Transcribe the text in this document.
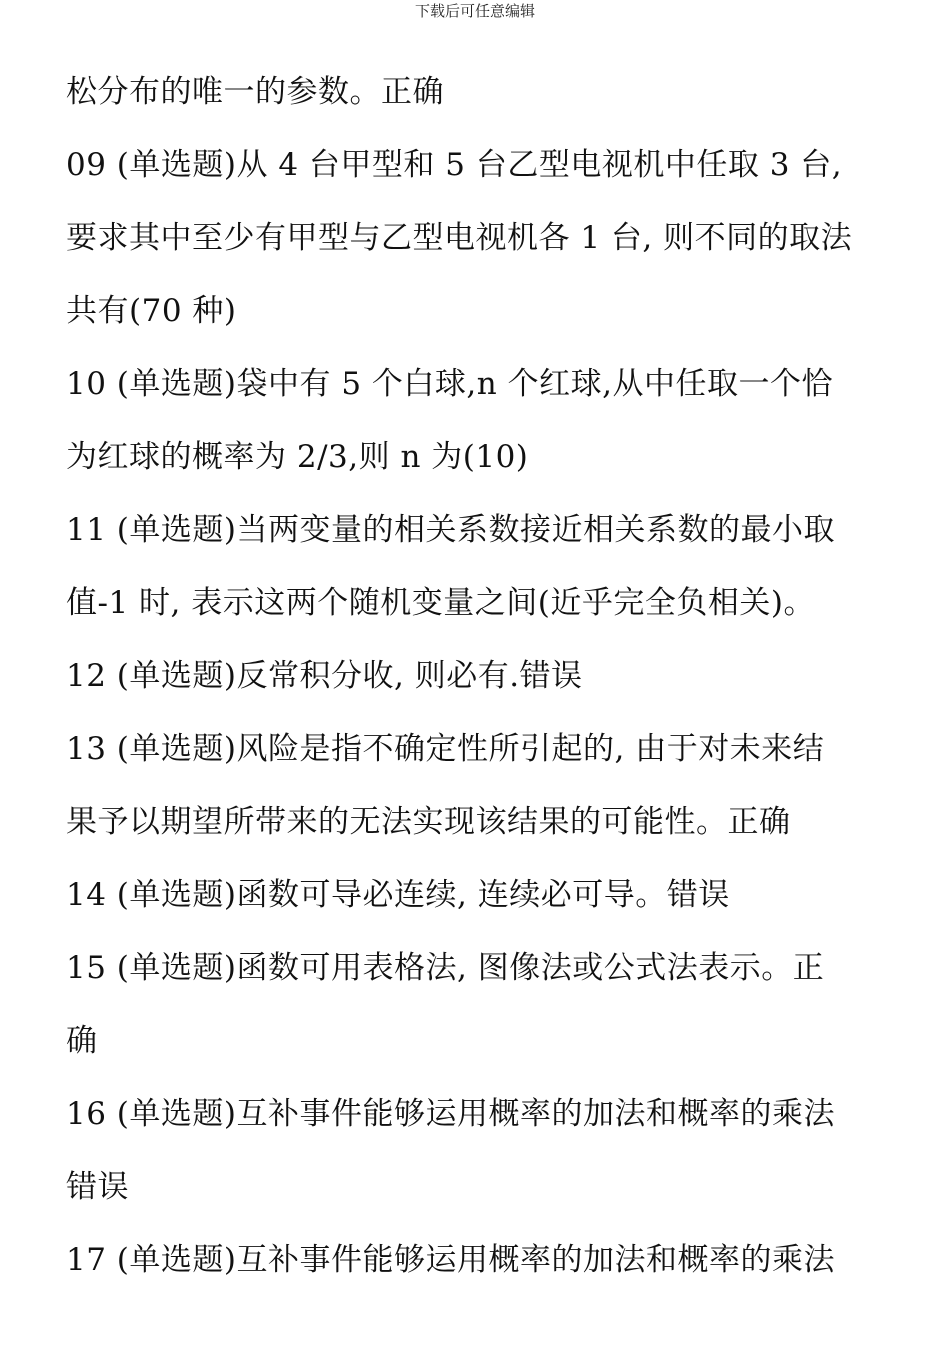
下载后可任意编辑
松分布的唯一的参数。正确
09 (单选题)从 4 台甲型和 5 台乙型电视机中任取 3 台,
要求其中至少有甲型与乙型电视机各 1 台, 则不同的取法
共有(70 种)
10 (单选题)袋中有 5 个白球,n 个红球,从中任取一个恰
为红球的概率为 2/3,则 n 为(10)
11 (单选题)当两变量的相关系数接近相关系数的最小取
值-1 时, 表示这两个随机变量之间(近乎完全负相关)。
12 (单选题)反常积分收, 则必有.错误
13 (单选题)风险是指不确定性所引起的, 由于对未来结
果予以期望所带来的无法实现该结果的可能性。正确
14 (单选题)函数可导必连续, 连续必可导。错误
15 (单选题)函数可用表格法, 图像法或公式法表示。正
确
16 (单选题)互补事件能够运用概率的加法和概率的乘法
错误
17 (单选题)互补事件能够运用概率的加法和概率的乘法
